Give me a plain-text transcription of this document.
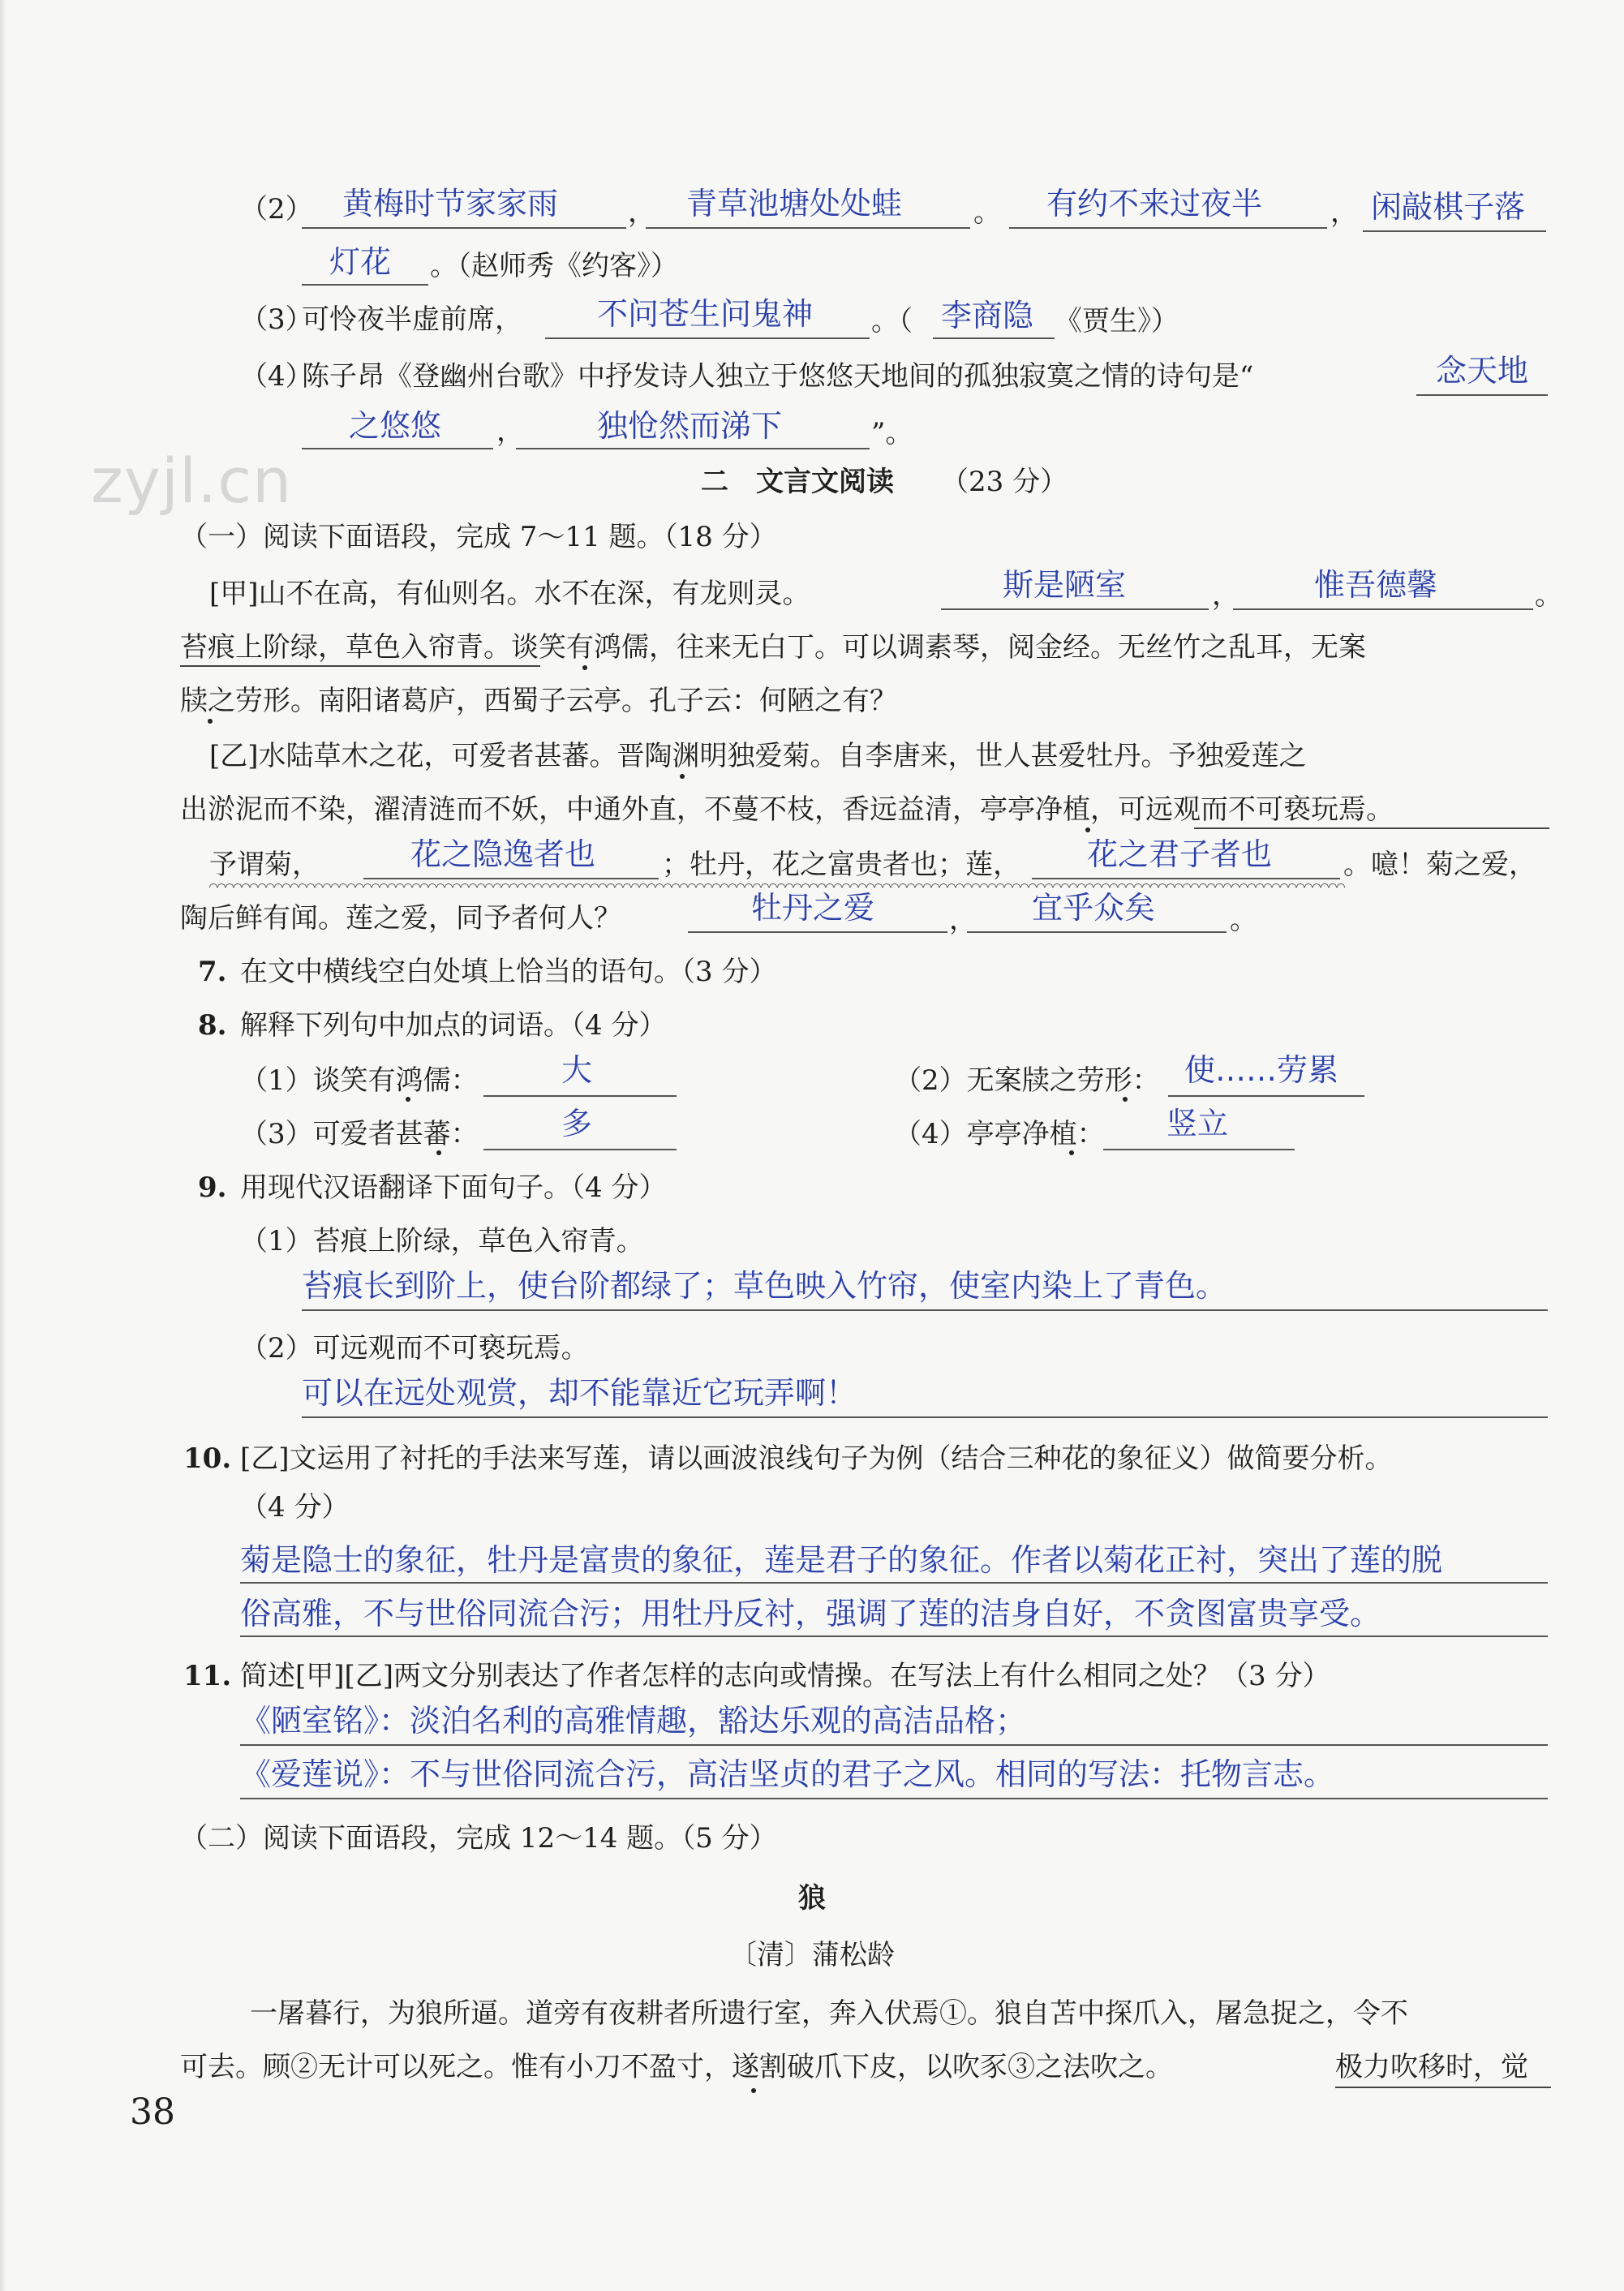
（2） 黄梅时节家家雨	， 青草池塘处处蛙	。 有约不来过夜半 ， 闲敲棋子落
灯花 。（赵师秀《约客》）
（3）
可怜夜半虚前席， 不问苍生问鬼神 。（ 李商隐 《贾生》）
（4）
陈子昂《登幽州台歌》中抒发诗人独立于悠悠天地间的孤独寂寞之情的诗句是“	念天地
之悠悠 ， 独怆然而涕下	”。
zyjl.cn	二　文言文阅读 （23 分）
（一）阅读下面语段，完成 7～11 题。（18 分）
[甲]山不在高，有仙则名。水不在深，有龙则灵。	斯是陋室	， 惟吾德馨	。
苔痕上阶绿，草色入帘青。谈笑有鸿儒，往来无白丁。可以调素琴，阅金经。无丝竹之乱耳，无案
牍之劳形。南阳诸葛庐，西蜀子云亭。孔子云：何陋之有？
[乙]水陆草木之花，可爱者甚蕃。晋陶渊明独爱菊。自李唐来，世人甚爱牡丹。予独爱莲之
出淤泥而不染，濯清涟而不妖，中通外直，不蔓不枝，香远益清，亭亭净植，可远观而不可亵玩焉。
予谓菊，	花之隐逸者也 ；牡丹，花之富贵者也；莲， 花之君子者也	。噫！菊之爱，
陶后鲜有闻。莲之爱，同予者何人？	牡丹之爱	， 宜乎众矣	。
7. 在文中横线空白处填上恰当的语句。（3 分）
8. 解释下列句中加点的词语。（4 分）
（1）谈笑有鸿儒：	大	（2）无案牍之劳形： 使……劳累
（3）可爱者甚蕃：	多	（4）亭亭净植： 竖立
9. 用现代汉语翻译下面句子。（4 分）
（1）苔痕上阶绿，草色入帘青。
苔痕长到阶上，使台阶都绿了；草色映入竹帘，使室内染上了青色。
（2）可远观而不可亵玩焉。
可以在远处观赏，却不能靠近它玩弄啊！
10. [乙]文运用了衬托的手法来写莲，请以画波浪线句子为例（结合三种花的象征义）做简要分析。
（4 分）
菊是隐士的象征，牡丹是富贵的象征，莲是君子的象征。作者以菊花正衬，突出了莲的脱
俗高雅，不与世俗同流合污；用牡丹反衬，强调了莲的洁身自好，不贪图富贵享受。
11. 简述[甲][乙]两文分别表达了作者怎样的志向或情操。在写法上有什么相同之处？（3 分）
《陋室铭》：淡泊名利的高雅情趣，豁达乐观的高洁品格；
《爱莲说》：不与世俗同流合污，高洁坚贞的君子之风。相同的写法：托物言志。
（二）阅读下面语段，完成 12～14 题。（5 分）
狼
〔清〕蒲松龄
一屠暮行，为狼所逼。道旁有夜耕者所遗行室，奔入伏焉①。狼自苫中探爪入，屠急捉之，令不
可去。顾②无计可以死之。惟有小刀不盈寸，遂割破爪下皮，以吹豕③之法吹之。	极力吹移时，觉
38
